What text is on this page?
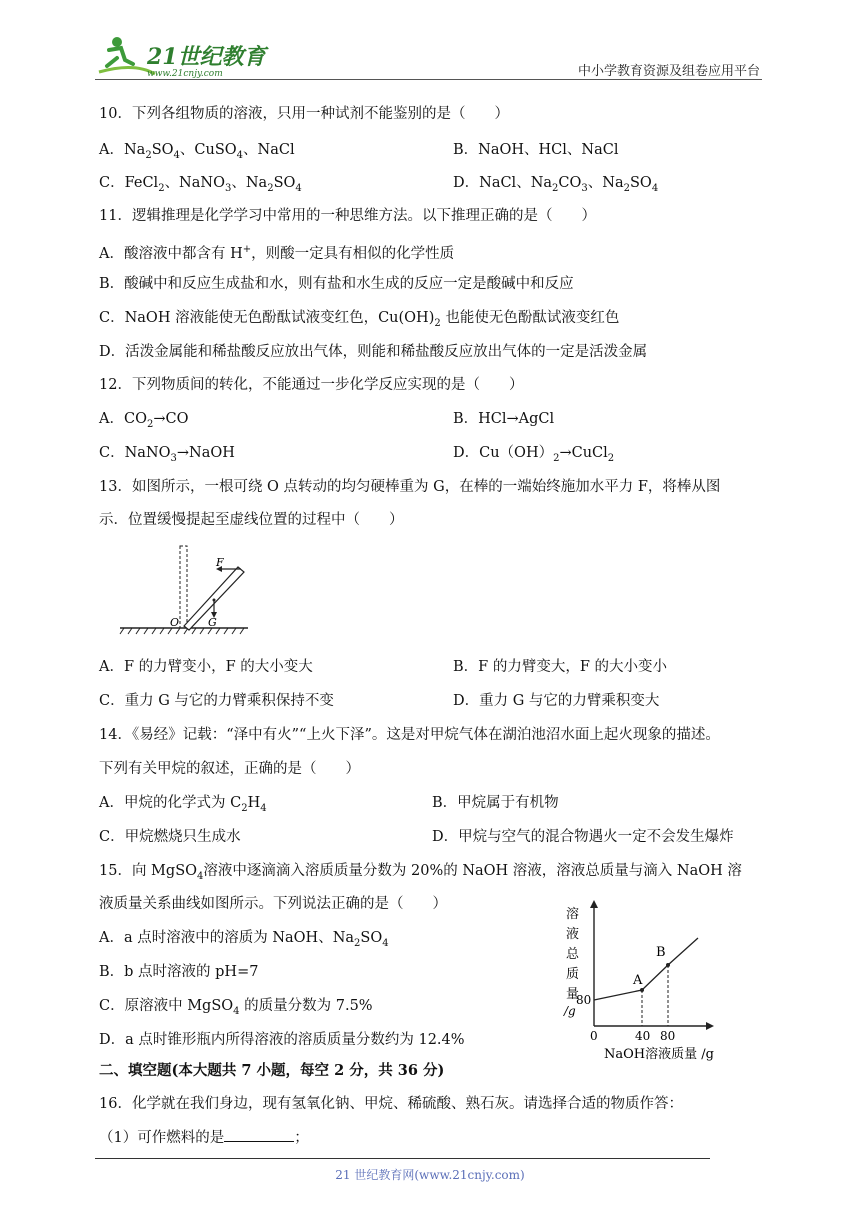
21世纪教育
www.21cnjy.com	中小学教育资源及组卷应用平台
10．下列各组物质的溶液，只用一种试剂不能鉴别的是（　　）
A．$Na_2SO_4$、CuSO$_4$、NaCl	B．NaOH、HCl、NaCl
C．FeCl$_2$、NaNO$_3$、$Na_2SO_4$	D．NaCl、$Na_2CO_3$、$Na_2SO_4$
11．逻辑推理是化学学习中常用的一种思维方法。以下推理正确的是（　　）
A．酸溶液中都含有 H+，则酸一定具有相似的化学性质
B．酸碱中和反应生成盐和水，则有盐和水生成的反应一定是酸碱中和反应
C．NaOH 溶液能使无色酚酞试液变红色，$Cu(OH)_2$ 也能使无色酚酞试液变红色
D．活泼金属能和稀盐酸反应放出气体，则能和稀盐酸反应放出气体的一定是活泼金属
12．下列物质间的转化，不能通过一步化学反应实现的是（　　）
A．$CO_2\to CO$	B．HCl→AgCl
C．NaNO$_3$→NaOH	D．$Cu(OH)_2\to CuCl_2$
13．如图所示，一根可绕 O 点转动的均匀硬棒重为 G，在棒的一端始终施加水平力 F，将棒从图
示．位置缓慢提起至虚线位置的过程中（　　）
F
G
O
A．F 的力臂变小，F 的大小变大	B．F 的力臂变大，F 的大小变小
C．重力 G 与它的力臂乘积保持不变	D．重力 G 与它的力臂乘积变大
14．《易经》记载：“泽中有火”“上火下泽”。这是对甲烷气体在湖泊池沼水面上起火现象的描述。
下列有关甲烷的叙述，正确的是（　　）
A．甲烷的化学式为 $C_2H_4$	B．甲烷属于有机物
C．甲烷燃烧只生成水	D．甲烷与空气的混合物遇火一定不会发生爆炸
15．向 MgSO$_4$溶液中逐滴滴入溶质质量分数为 20%的 NaOH 溶液，溶液总质量与滴入 NaOH 溶
液质量关系曲线如图所示。下列说法正确的是（　　）
A．a 点时溶液中的溶质为 NaOH、$Na_2SO_4$
B．b 点时溶液的 pH=7
C．原溶液中 MgSO$_4$ 的质量分数为 7.5%
D．a 点时锥形瓶内所得溶液的溶质质量分数约为 12.4%
溶
液
总
质
量
/g
0
80
40 80
A
B
NaOH溶液质量 /g
二、填空题(本大题共 7 小题，每空 2 分，共 36 分)
16．化学就在我们身边，现有氢氧化钠、甲烷、稀硫酸、熟石灰。请选择合适的物质作答：
（1）可作燃料的是	；
21 世纪教育网(www.21cnjy.com)
